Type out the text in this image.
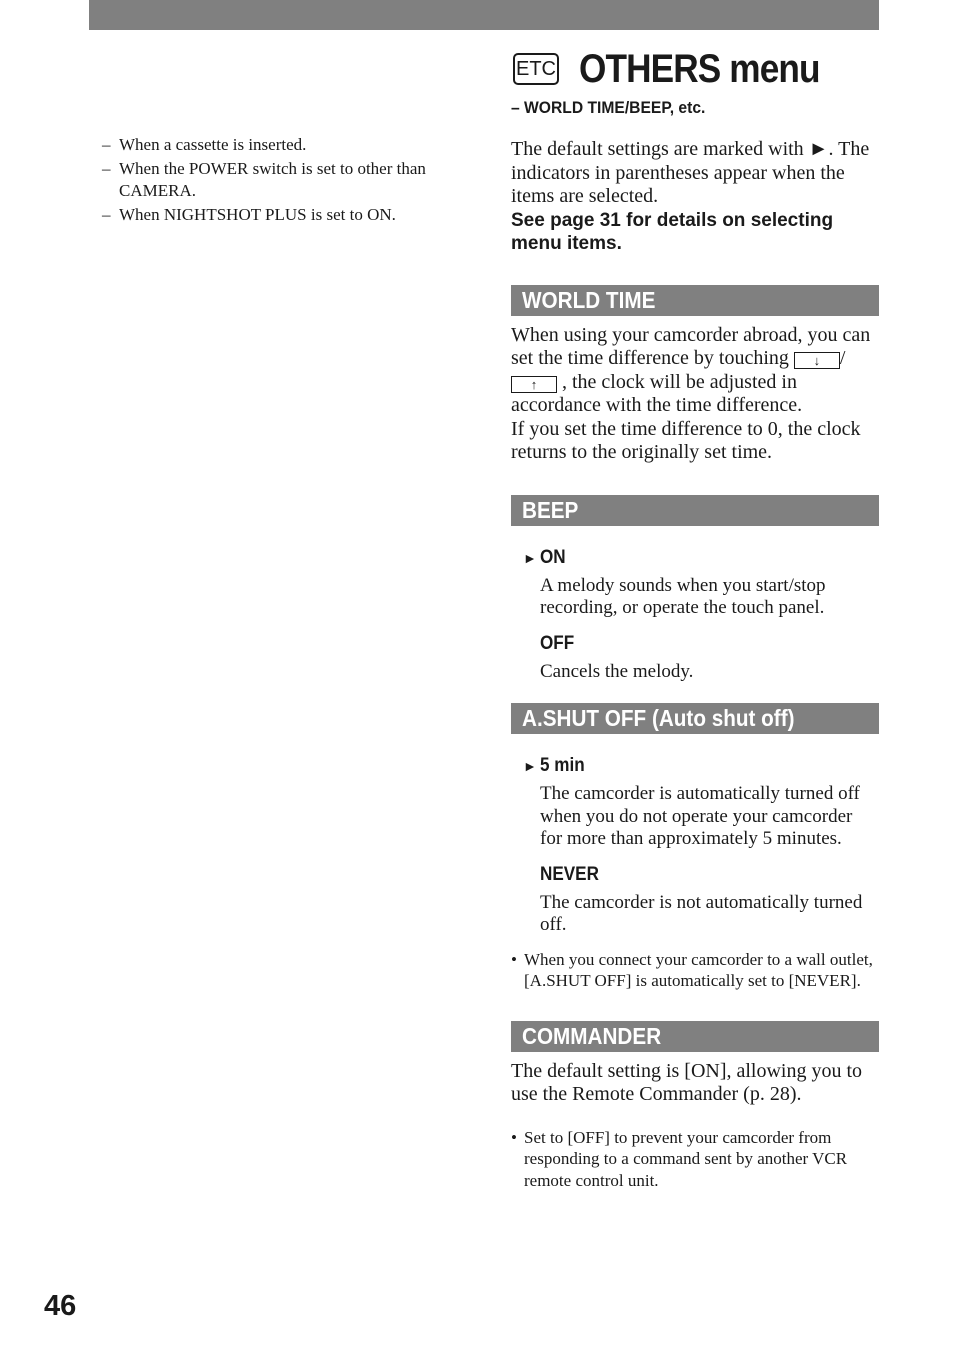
– When a cassette is inserted.
– When the POWER switch is set to other than CAMERA.
– When NIGHTSHOT PLUS is set to ON.
ETC OTHERS menu
– WORLD TIME/BEEP, etc.
The default settings are marked with ►. The indicators in parentheses appear when the items are selected.
See page 31 for details on selecting menu items.
WORLD TIME
When using your camcorder abroad, you can set the time difference by touching ↓ /↑ , the clock will be adjusted in accordance with the time difference.
If you set the time difference to 0, the clock returns to the originally set time.
BEEP
► ON
A melody sounds when you start/stop recording, or operate the touch panel.
OFF
Cancels the melody.
A.SHUT OFF (Auto shut off)
► 5 min
The camcorder is automatically turned off when you do not operate your camcorder for more than approximately 5 minutes.
NEVER
The camcorder is not automatically turned off.
• When you connect your camcorder to a wall outlet, [A.SHUT OFF] is automatically set to [NEVER].
COMMANDER
The default setting is [ON], allowing you to use the Remote Commander (p. 28).
• Set to [OFF] to prevent your camcorder from responding to a command sent by another VCR remote control unit.
46
